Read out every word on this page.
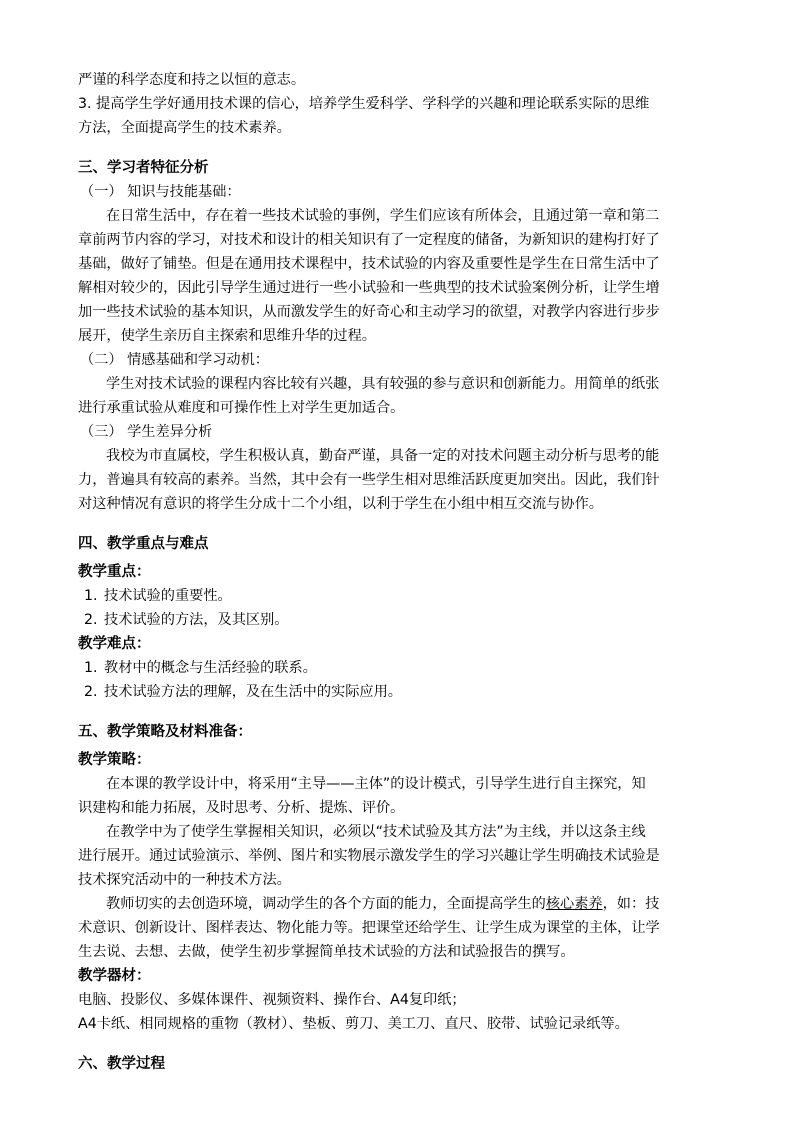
严谨的科学态度和持之以恒的意志。
3. 提高学生学好通用技术课的信心，培养学生爱科学、学科学的兴趣和理论联系实际的思维
方法，全面提高学生的技术素养。
三、学习者特征分析
（一） 知识与技能基础：
在日常生活中，存在着一些技术试验的事例，学生们应该有所体会，且通过第一章和第二
章前两节内容的学习，对技术和设计的相关知识有了一定程度的储备，为新知识的建构打好了
基础，做好了铺垫。但是在通用技术课程中，技术试验的内容及重要性是学生在日常生活中了
解相对较少的，因此引导学生通过进行一些小试验和一些典型的技术试验案例分析，让学生增
加一些技术试验的基本知识，从而激发学生的好奇心和主动学习的欲望，对教学内容进行步步
展开，使学生亲历自主探索和思维升华的过程。
（二） 情感基础和学习动机：
学生对技术试验的课程内容比较有兴趣，具有较强的参与意识和创新能力。用简单的纸张
进行承重试验从难度和可操作性上对学生更加适合。
（三） 学生差异分析
我校为市直属校，学生积极认真，勤奋严谨，具备一定的对技术问题主动分析与思考的能
力，普遍具有较高的素养。当然，其中会有一些学生相对思维活跃度更加突出。因此，我们针
对这种情况有意识的将学生分成十二个小组，以利于学生在小组中相互交流与协作。
四、教学重点与难点
教学重点：
1. 技术试验的重要性。
2. 技术试验的方法，及其区别。
教学难点：
1. 教材中的概念与生活经验的联系。
2. 技术试验方法的理解，及在生活中的实际应用。
五、教学策略及材料准备：
教学策略：
在本课的教学设计中，将采用“主导——主体”的设计模式，引导学生进行自主探究，知
识建构和能力拓展，及时思考、分析、提炼、评价。
在教学中为了使学生掌握相关知识，必须以“技术试验及其方法”为主线，并以这条主线
进行展开。通过试验演示、举例、图片和实物展示激发学生的学习兴趣让学生明确技术试验是
技术探究活动中的一种技术方法。
教师切实的去创造环境，调动学生的各个方面的能力，全面提高学生的核心素养，如：技
术意识、创新设计、图样表达、物化能力等。把课堂还给学生、让学生成为课堂的主体，让学
生去说、去想、去做，使学生初步掌握简单技术试验的方法和试验报告的撰写。
教学器材：
电脑、投影仪、多媒体课件、视频资料、操作台、A4复印纸；
A4卡纸、相同规格的重物（教材）、垫板、剪刀、美工刀、直尺、胶带、试验记录纸等。
六、教学过程
